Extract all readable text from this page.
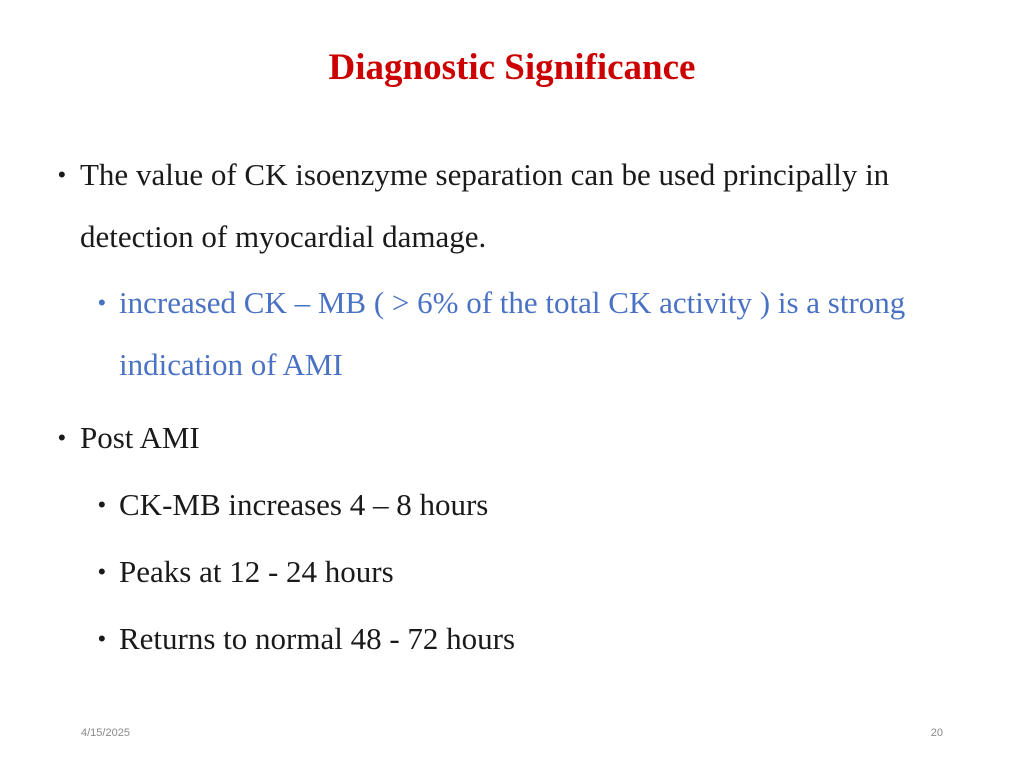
Diagnostic Significance
• The value of CK isoenzyme separation can be used principally in detection of myocardial damage.
• increased CK – MB ( > 6% of the total CK activity ) is a strong indication of AMI
• Post AMI
• CK-MB increases 4 – 8 hours
• Peaks at 12 - 24 hours
• Returns to normal 48 - 72 hours
4/15/2025	20
